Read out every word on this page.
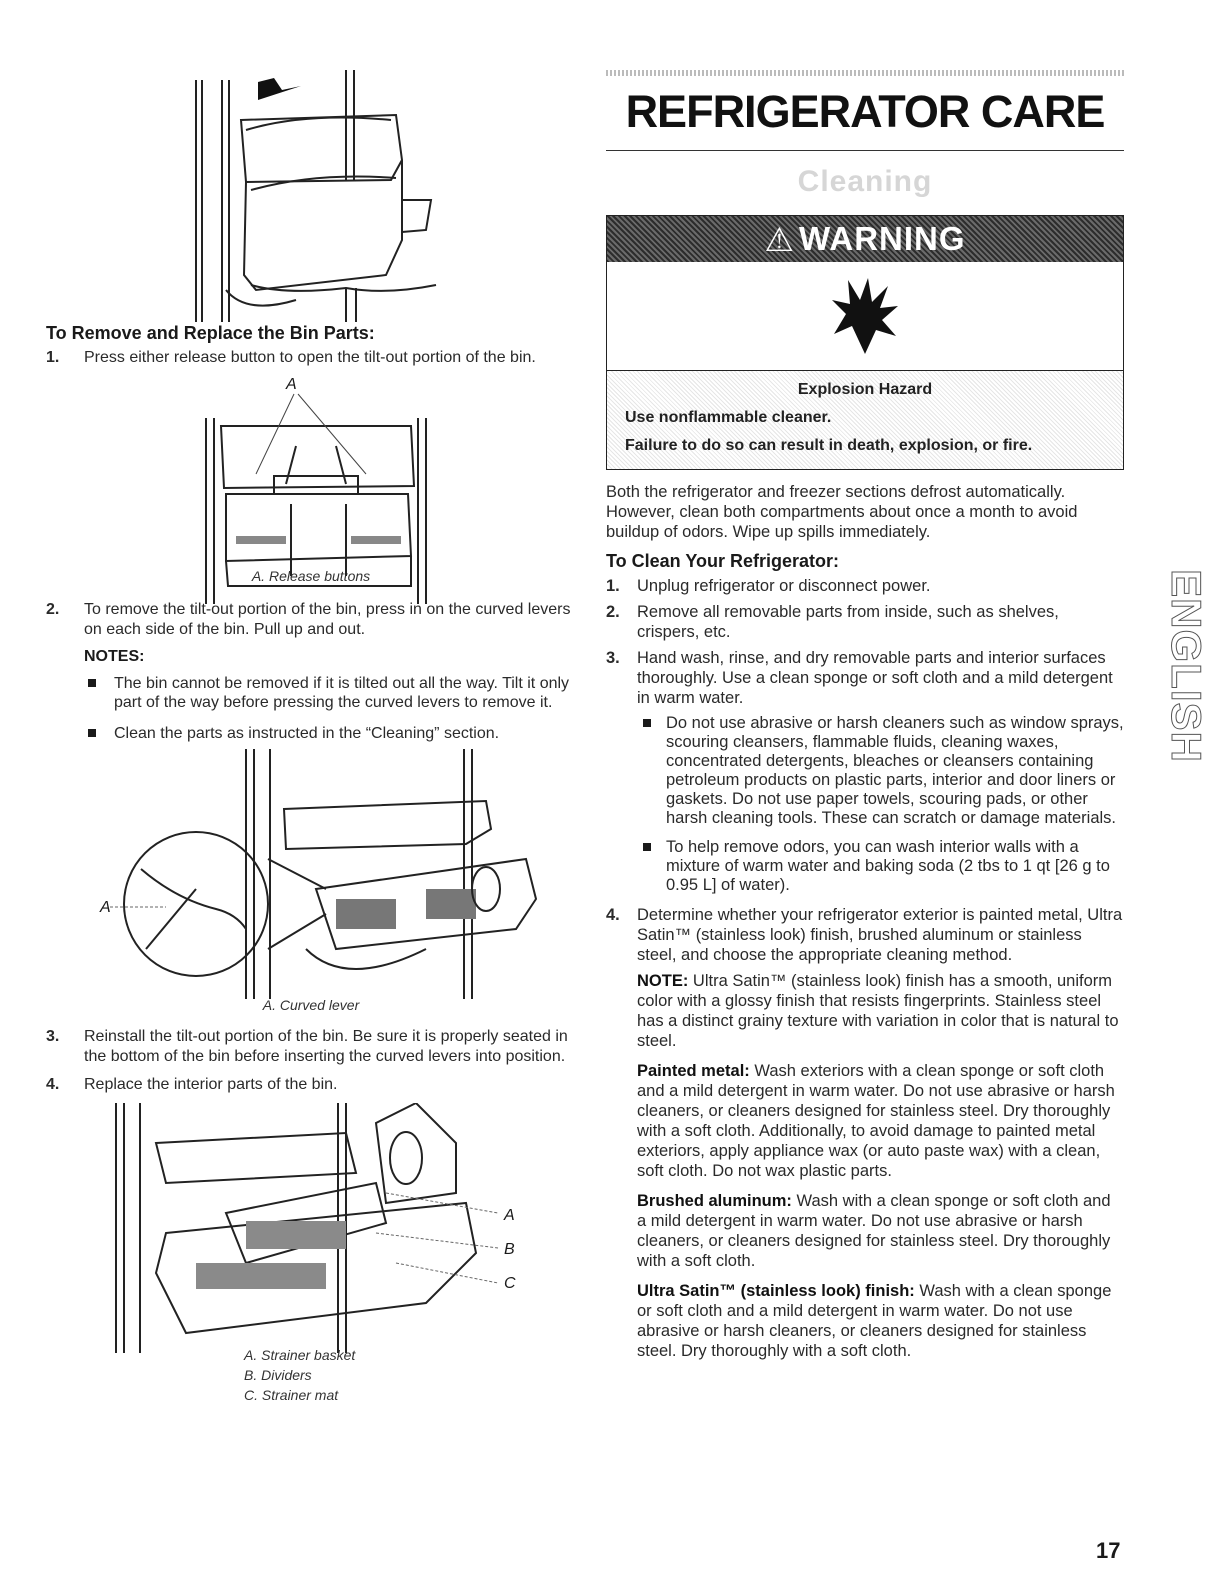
To Remove and Replace the Bin Parts:
1.	Press either release button to open the tilt-out portion of the bin.
A
A. Release buttons
2.	To remove the tilt-out portion of the bin, press in on the curved levers on each side of the bin. Pull up and out.
NOTES:
The bin cannot be removed if it is tilted out all the way. Tilt it only part of the way before pressing the curved levers to remove it.
Clean the parts as instructed in the “Cleaning” section.
A
A. Curved lever
3.	Reinstall the tilt-out portion of the bin. Be sure it is properly seated in the bottom of the bin before inserting the curved levers into position.
4.	Replace the interior parts of the bin.
A
B
C
A. Strainer basket
B. Dividers
C. Strainer mat
REFRIGERATOR CARE
Cleaning
⚠ WARNING
Explosion Hazard

Use nonflammable cleaner.

Failure to do so can result in death, explosion, or fire.

Both the refrigerator and freezer sections defrost automatically. However, clean both compartments about once a month to avoid buildup of odors. Wipe up spills immediately.

To Clean Your Refrigerator:
1. Unplug refrigerator or disconnect power.
2. Remove all removable parts from inside, such as shelves, crispers, etc.
3. Hand wash, rinse, and dry removable parts and interior surfaces thoroughly. Use a clean sponge or soft cloth and a mild detergent in warm water.
Do not use abrasive or harsh cleaners such as window sprays, scouring cleansers, flammable fluids, cleaning waxes, concentrated detergents, bleaches or cleansers containing petroleum products on plastic parts, interior and door liners or gaskets. Do not use paper towels, scouring pads, or other harsh cleaning tools. These can scratch or damage materials.
To help remove odors, you can wash interior walls with a mixture of warm water and baking soda (2 tbs to 1 qt [26 g to 0.95 L] of water).
4. Determine whether your refrigerator exterior is painted metal, Ultra Satin™ (stainless look) finish, brushed aluminum or stainless steel, and choose the appropriate cleaning method.
NOTE: Ultra Satin™ (stainless look) finish has a smooth, uniform color with a glossy finish that resists fingerprints. Stainless steel has a distinct grainy texture with variation in color that is natural to steel.
Painted metal: Wash exteriors with a clean sponge or soft cloth and a mild detergent in warm water. Do not use abrasive or harsh cleaners, or cleaners designed for stainless steel. Dry thoroughly with a soft cloth. Additionally, to avoid damage to painted metal exteriors, apply appliance wax (or auto paste wax) with a clean, soft cloth. Do not wax plastic parts.
Brushed aluminum: Wash with a clean sponge or soft cloth and a mild detergent in warm water. Do not use abrasive or harsh cleaners, or cleaners designed for stainless steel. Dry thoroughly with a soft cloth.
Ultra Satin™ (stainless look) finish: Wash with a clean sponge or soft cloth and a mild detergent in warm water. Do not use abrasive or harsh cleaners, or cleaners designed for stainless steel. Dry thoroughly with a soft cloth.
ENGLISH
17
